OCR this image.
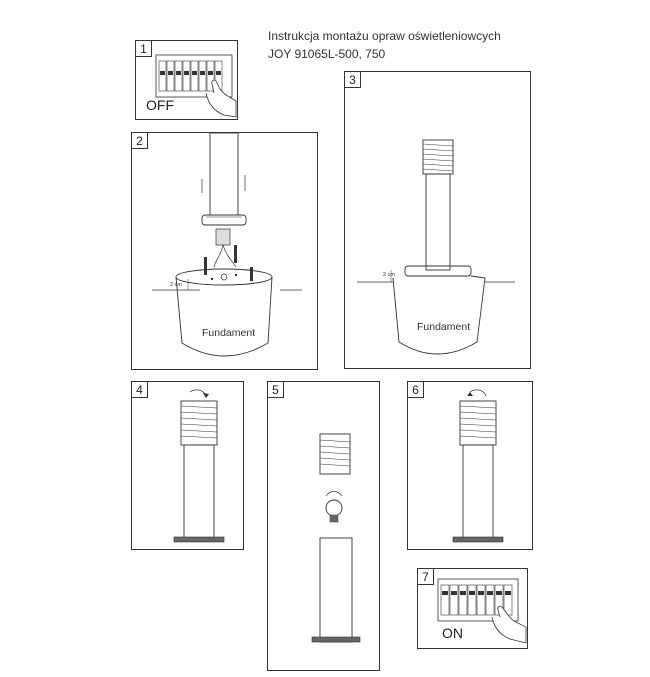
Instrukcja montażu opraw oświetleniowcych
JOY 91065L-500, 750
1
OFF
2
2 cm
Fundament
3
2 cm
Fundament
4	5	6
7
ON
